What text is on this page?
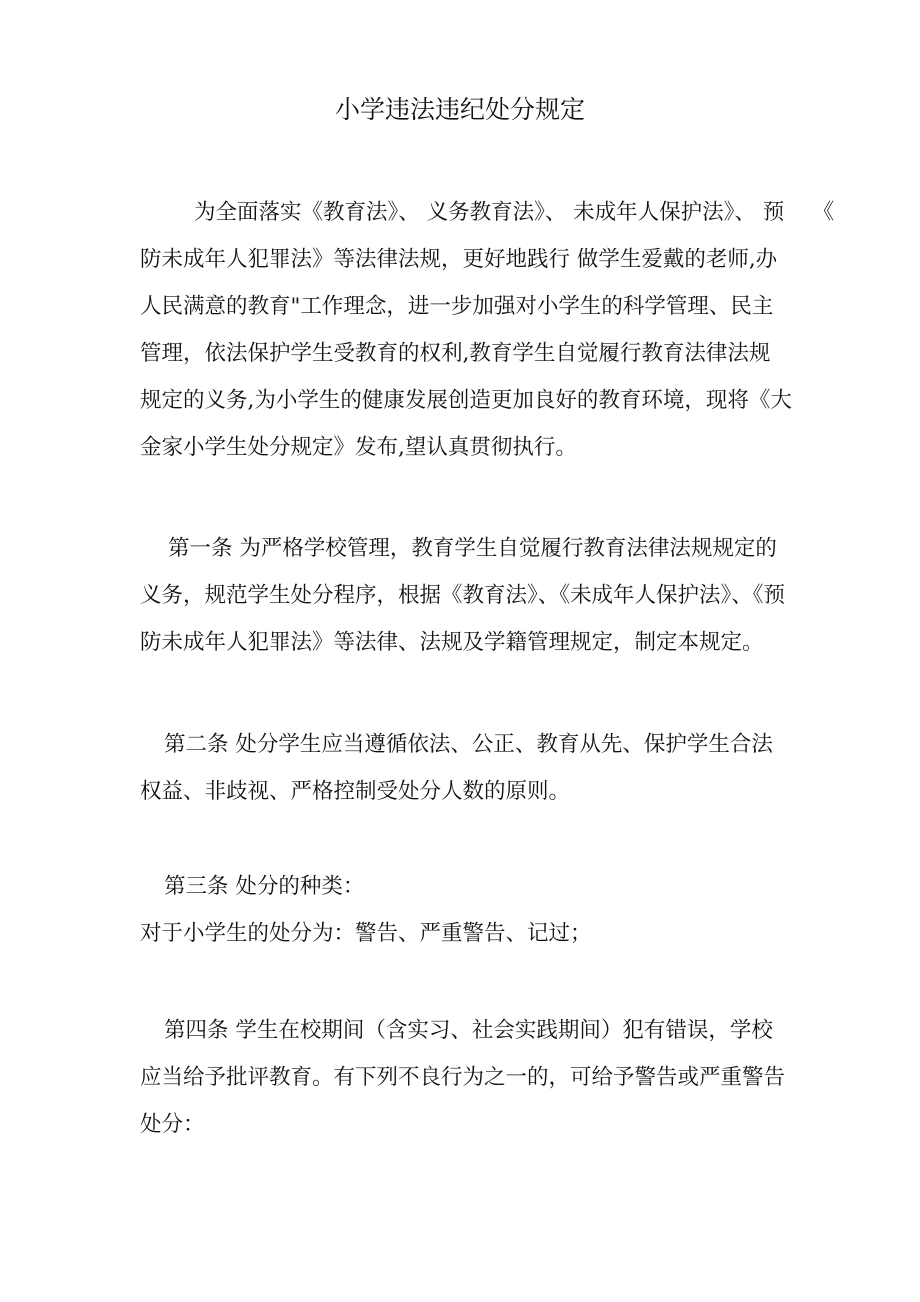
小学违法违纪处分规定
为全面落实《教育法》、 义务教育法》、 未成年人保护法》、 预　 《
防未成年人犯罪法》等法律法规，更好地践行 做学生爱戴的老师,办
人民满意的教育"工作理念，进一步加强对小学生的科学管理、民主
管理，依法保护学生受教育的权利,教育学生自觉履行教育法律法规
规定的义务,为小学生的健康发展创造更加良好的教育环境，现将《大
金家小学生处分规定》发布,望认真贯彻执行。
第一条 为严格学校管理，教育学生自觉履行教育法律法规规定的
义务，规范学生处分程序，根据《教育法》、《未成年人保护法》、《预
防未成年人犯罪法》等法律、法规及学籍管理规定，制定本规定。
第二条 处分学生应当遵循依法、公正、教育从先、保护学生合法
权益、非歧视、严格控制受处分人数的原则。
第三条 处分的种类：
对于小学生的处分为：警告、严重警告、记过；
第四条 学生在校期间（含实习、社会实践期间）犯有错误，学校
应当给予批评教育。有下列不良行为之一的，可给予警告或严重警告
处分：
